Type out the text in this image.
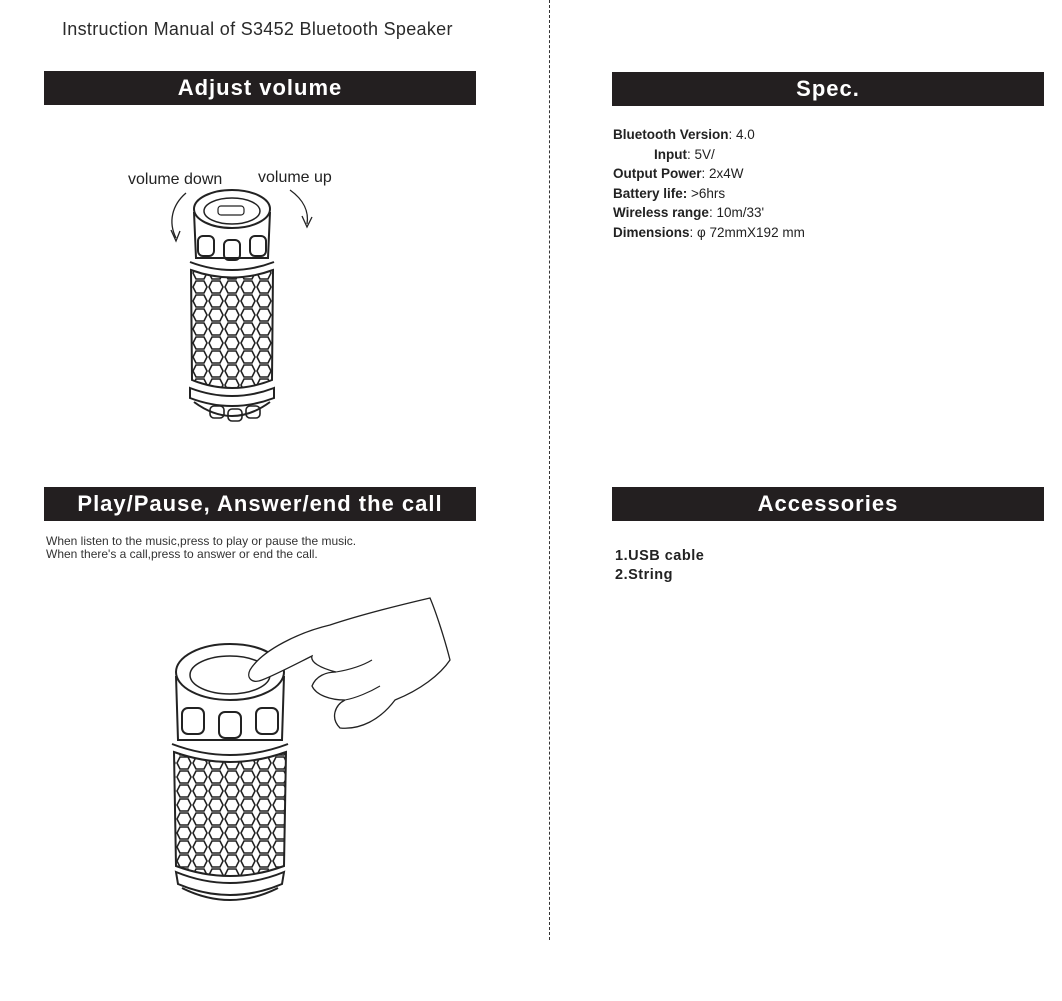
Instruction Manual of S3452 Bluetooth Speaker
Adjust volume
volume down volume up
Play/Pause, Answer/end the call
When listen to the music,press to play or pause the music.
When there's a call,press to answer or end the call.
Spec.
Bluetooth Version: 4.0
Input: 5V/
Output Power: 2x4W
Battery life: >6hrs
Wireless range: 10m/33'
Dimensions: φ 72mmX192 mm
Accessories
1.USB cable
2.String
